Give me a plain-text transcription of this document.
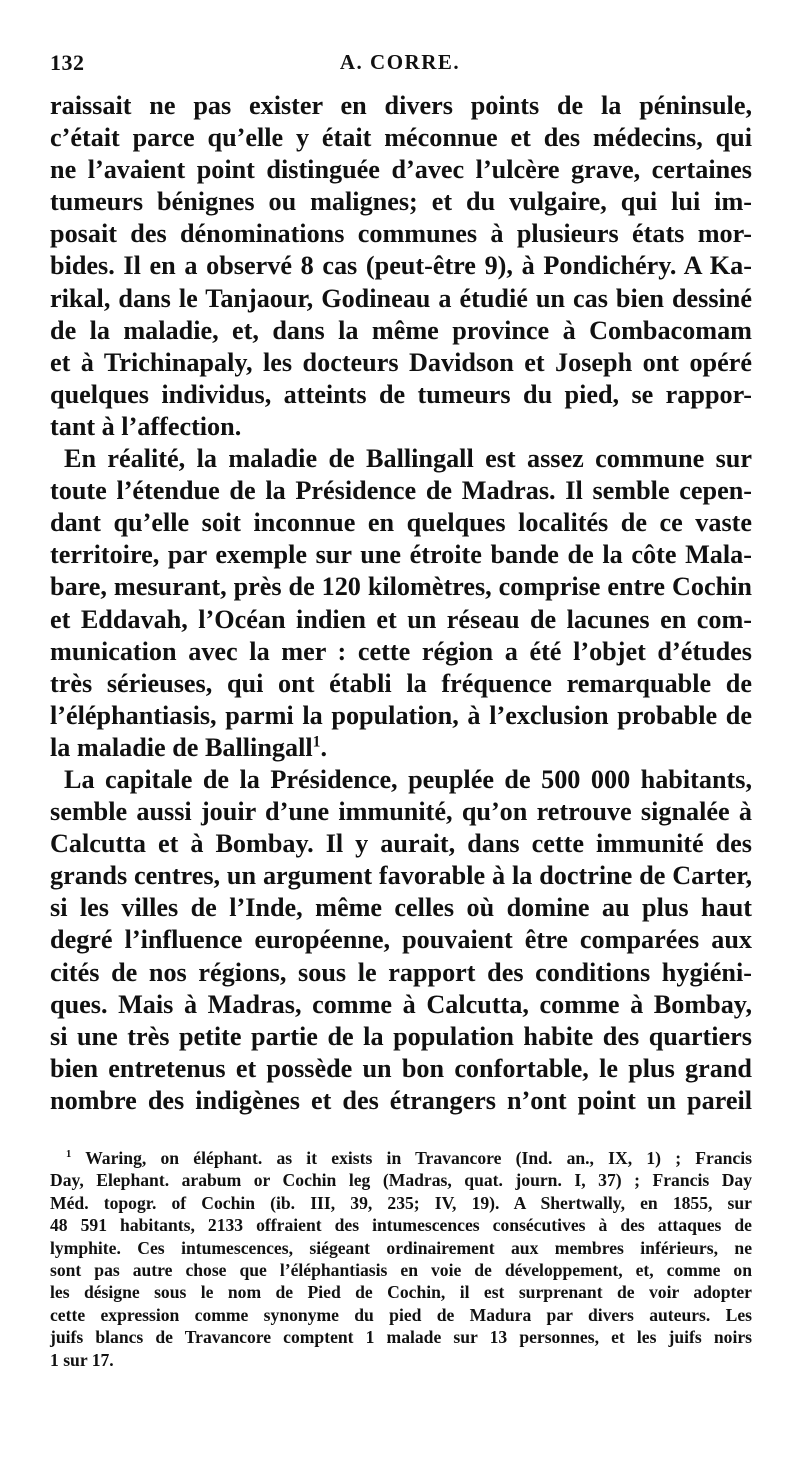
132	A. CORRE.
raissait ne pas exister en divers points de la péninsule,
c’était parce qu’elle y était méconnue et des médecins, qui
ne l’avaient point distinguée d’avec l’ulcère grave, certaines
tumeurs bénignes ou malignes; et du vulgaire, qui lui im-
posait des dénominations communes à plusieurs états mor-
bides. Il en a observé 8 cas (peut-être 9), à Pondichéry. A Ka-
rikal, dans le Tanjaour, Godineau a étudié un cas bien dessiné
de la maladie, et, dans la même province à Combacomam
et à Trichinapaly, les docteurs Davidson et Joseph ont opéré
quelques individus, atteints de tumeurs du pied, se rappor-
tant à l’affection.
En réalité, la maladie de Ballingall est assez commune sur
toute l’étendue de la Présidence de Madras. Il semble cepen-
dant qu’elle soit inconnue en quelques localités de ce vaste
territoire, par exemple sur une étroite bande de la côte Mala-
bare, mesurant, près de 120 kilomètres, comprise entre Cochin
et Eddavah, l’Océan indien et un réseau de lacunes en com-
munication avec la mer : cette région a été l’objet d’études
très sérieuses, qui ont établi la fréquence remarquable de
l’éléphantiasis, parmi la population, à l’exclusion probable de
la maladie de Ballingall$^1$.
La capitale de la Présidence, peuplée de 500 000 habitants,
semble aussi jouir d’une immunité, qu’on retrouve signalée à
Calcutta et à Bombay. Il y aurait, dans cette immunité des
grands centres, un argument favorable à la doctrine de Carter,
si les villes de l’Inde, même celles où domine au plus haut
degré l’influence européenne, pouvaient être comparées aux
cités de nos régions, sous le rapport des conditions hygiéni-
ques. Mais à Madras, comme à Calcutta, comme à Bombay,
si une très petite partie de la population habite des quartiers
bien entretenus et possède un bon confortable, le plus grand
nombre des indigènes et des étrangers n’ont point un pareil
$^1$ Waring, on éléphant. as it exists in Travancore (Ind. an., IX, 1) ; Francis
Day, Elephant. arabum or Cochin leg (Madras, quat. journ. I, 37) ; Francis Day
Méd. topogr. of Cochin (ib. III, 39, 235; IV, 19). A Shertwally, en 1855, sur
48 591 habitants, 2133 offraient des intumescences consécutives à des attaques de
lymphite. Ces intumescences, siégeant ordinairement aux membres inférieurs, ne
sont pas autre chose que l’éléphantiasis en voie de développement, et, comme on
les désigne sous le nom de Pied de Cochin, il est surprenant de voir adopter
cette expression comme synonyme du pied de Madura par divers auteurs. Les
juifs blancs de Travancore comptent 1 malade sur 13 personnes, et les juifs noirs
1 sur 17.
